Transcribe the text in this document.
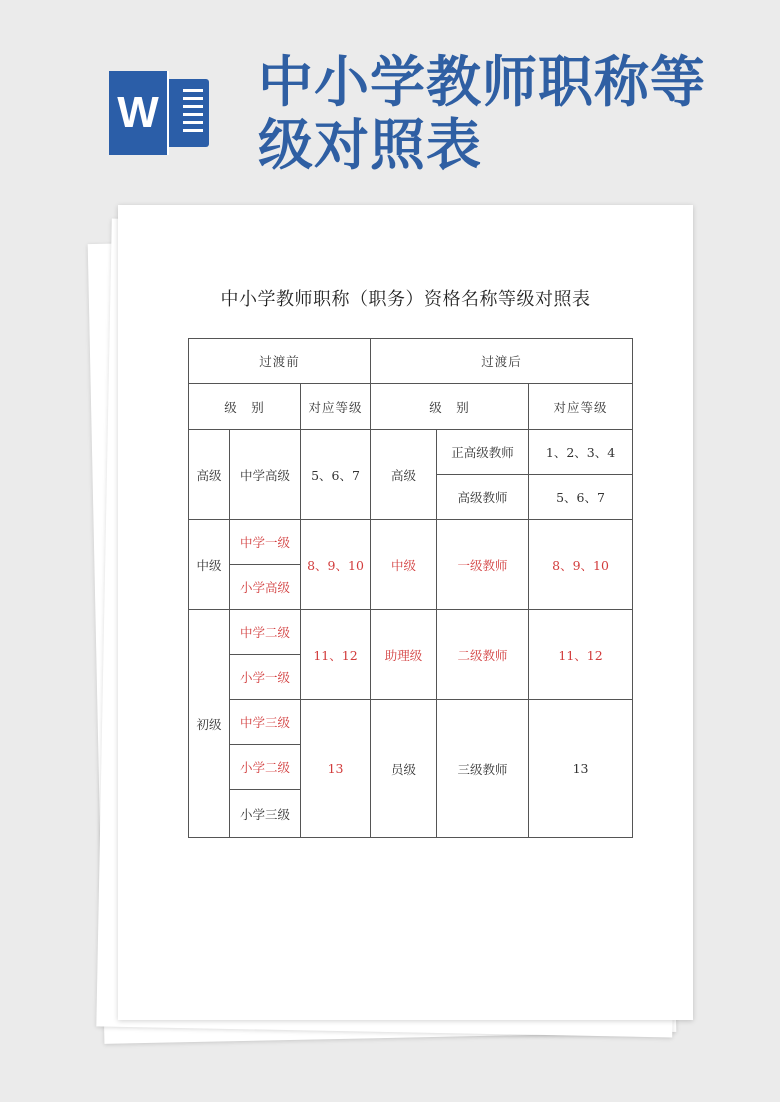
W 中小学教师职称等级对照表
中小学教师职称（职务）资格名称等级对照表
过渡前			过渡后		
级　别		对应等级	级　别		对应等级
高级	中学高级	5、6、7	高级	正高级教师	1、2、3、4
				高级教师	5、6、7
中级	中学一级	8、9、10	中级	一级教师	8、9、10
	小学高级				
初级	中学二级	11、12	助理级	二级教师	11、12
	小学一级				
	中学三级	13	员级	三级教师	13
	小学二级				
	小学三级				
